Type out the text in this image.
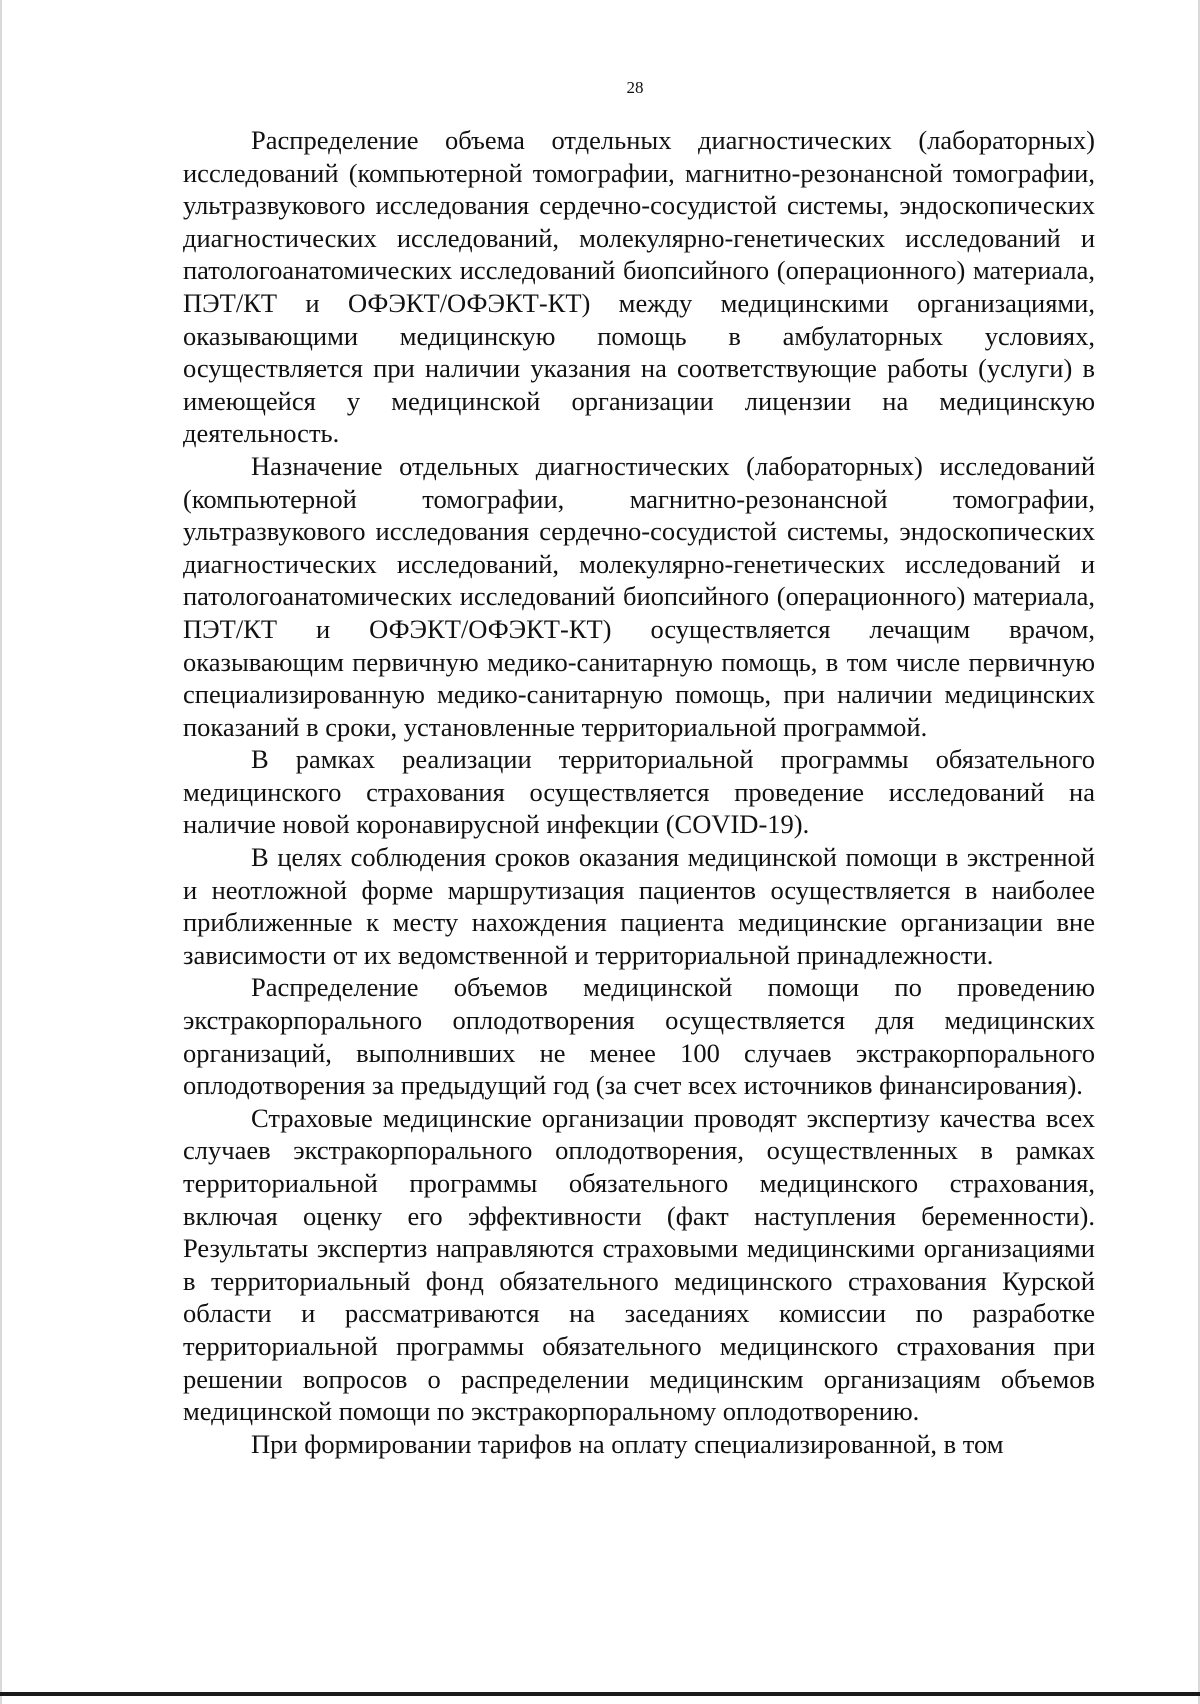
28

Распределение объема отдельных диагностических (лабораторных) исследований (компьютерной томографии, магнитно-резонансной томографии, ультразвукового исследования сердечно-сосудистой системы, эндоскопических диагностических исследований, молекулярно-генетических исследований и патологоанатомических исследований биопсийного (операционного) материала, ПЭТ/КТ и ОФЭКТ/ОФЭКТ-КТ) между медицинскими организациями, оказывающими медицинскую помощь в амбулаторных условиях, осуществляется при наличии указания на соответствующие работы (услуги) в имеющейся у медицинской организации лицензии на медицинскую деятельность.

Назначение отдельных диагностических (лабораторных) исследований (компьютерной томографии, магнитно-резонансной томографии, ультразвукового исследования сердечно-сосудистой системы, эндоскопических диагностических исследований, молекулярно-генетических исследований и патологоанатомических исследований биопсийного (операционного) материала, ПЭТ/КТ и ОФЭКТ/ОФЭКТ-КТ) осуществляется лечащим врачом, оказывающим первичную медико-санитарную помощь, в том числе первичную специализированную медико-санитарную помощь, при наличии медицинских показаний в сроки, установленные территориальной программой.

В рамках реализации территориальной программы обязательного медицинского страхования осуществляется проведение исследований на наличие новой коронавирусной инфекции (COVID-19).

В целях соблюдения сроков оказания медицинской помощи в экстренной и неотложной форме маршрутизация пациентов осуществляется в наиболее приближенные к месту нахождения пациента медицинские организации вне зависимости от их ведомственной и территориальной принадлежности.

Распределение объемов медицинской помощи по проведению экстракорпорального оплодотворения осуществляется для медицинских организаций, выполнивших не менее 100 случаев экстракорпорального оплодотворения за предыдущий год (за счет всех источников финансирования).

Страховые медицинские организации проводят экспертизу качества всех случаев экстракорпорального оплодотворения, осуществленных в рамках территориальной программы обязательного медицинского страхования, включая оценку его эффективности (факт наступления беременности). Результаты экспертиз направляются страховыми медицинскими организациями в территориальный фонд обязательного медицинского страхования Курской области и рассматриваются на заседаниях комиссии по разработке территориальной программы обязательного медицинского страхования при решении вопросов о распределении медицинским организациям объемов медицинской помощи по экстракорпоральному оплодотворению.

При формировании тарифов на оплату специализированной, в том
